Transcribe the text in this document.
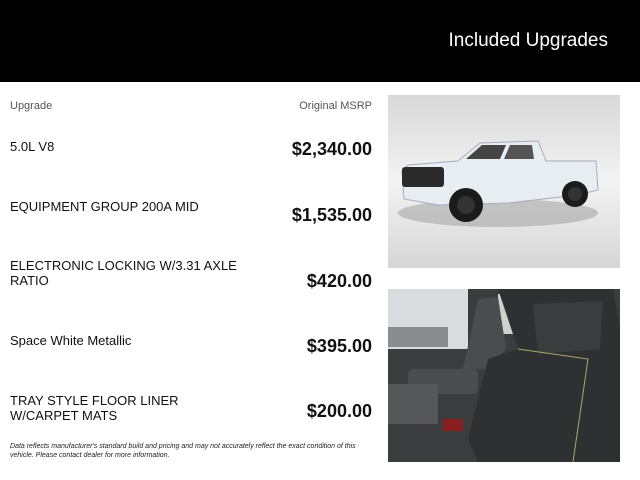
Included Upgrades
Upgrade	Original MSRP
5.0L V8	$2,340.00
EQUIPMENT GROUP 200A MID	$1,535.00
ELECTRONIC LOCKING W/3.31 AXLE RATIO	$420.00
Space White Metallic	$395.00
TRAY STYLE FLOOR LINER W/CARPET MATS	$200.00
Data reflects manufacturer's standard build and pricing and may not accurately reflect the exact condition of this vehicle. Please contact dealer for more information.
